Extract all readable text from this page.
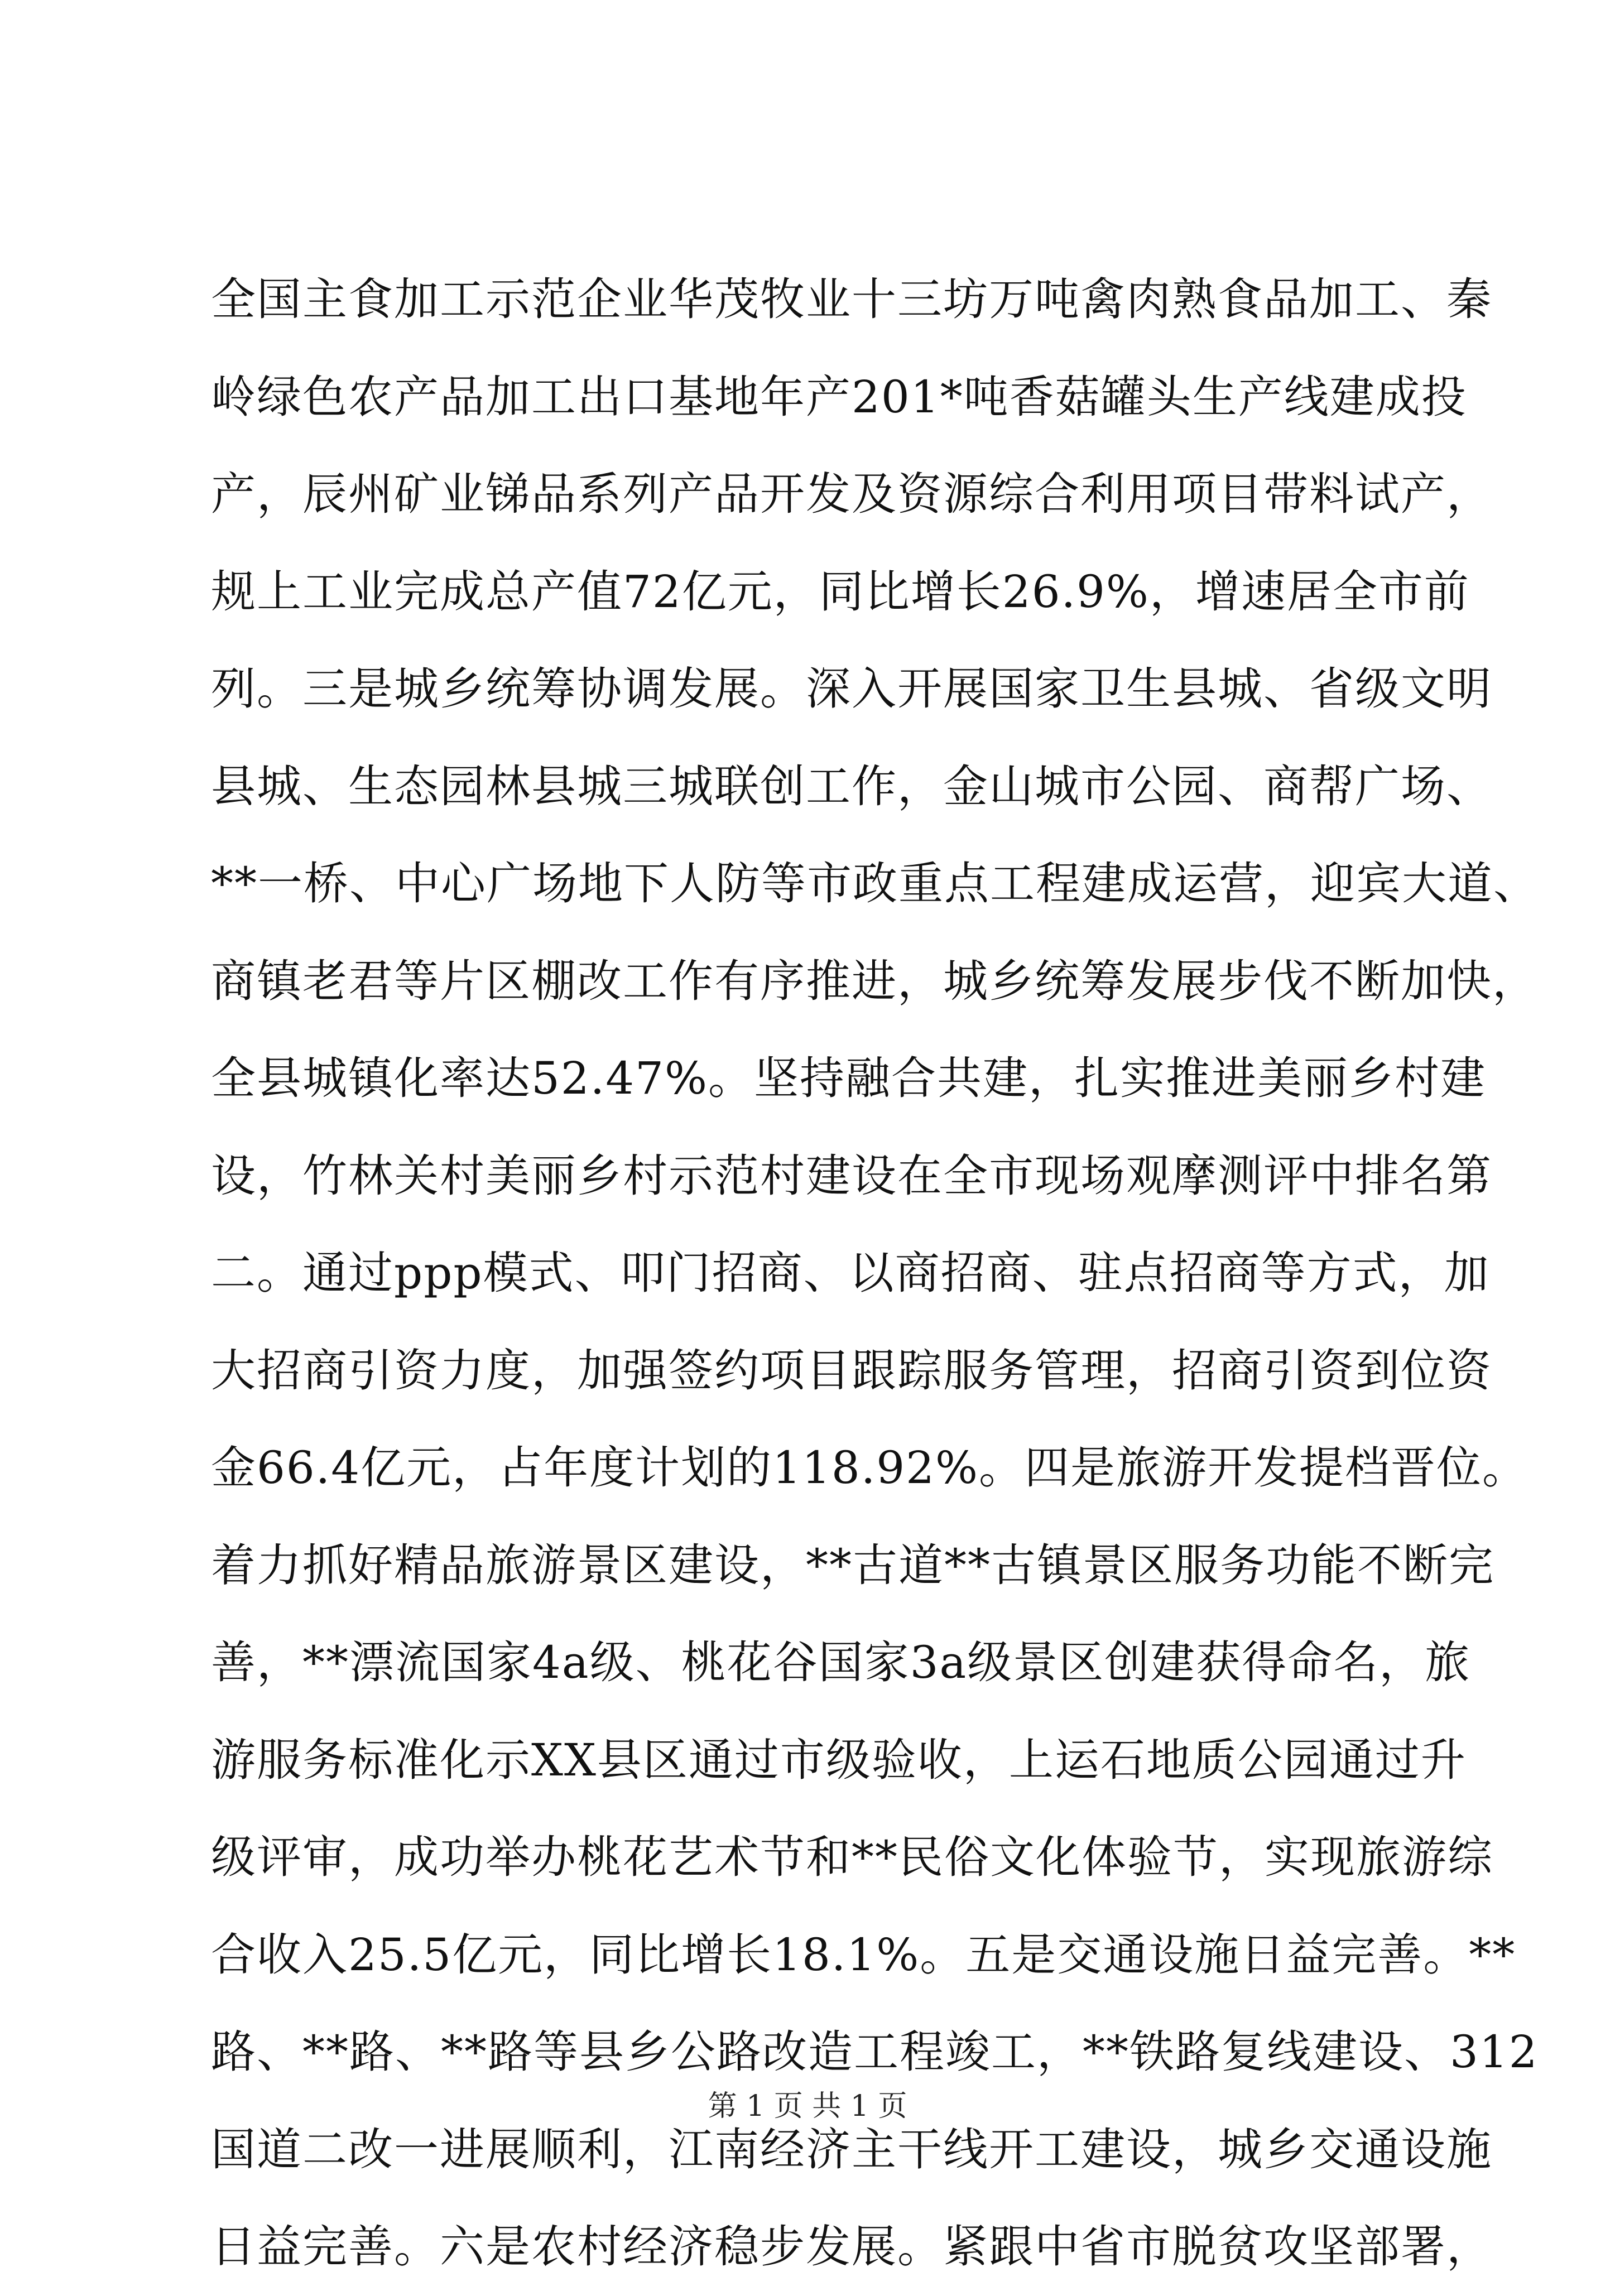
全国主食加工示范企业华茂牧业十三坊万吨禽肉熟食品加工、秦
岭绿色农产品加工出口基地年产201*吨香菇罐头生产线建成投
产，辰州矿业锑品系列产品开发及资源综合利用项目带料试产，
规上工业完成总产值72亿元，同比增长26.9%，增速居全市前
列。三是城乡统筹协调发展。深入开展国家卫生县城、省级文明
县城、生态园林县城三城联创工作，金山城市公园、商帮广场、
**一桥、中心广场地下人防等市政重点工程建成运营，迎宾大道、
商镇老君等片区棚改工作有序推进，城乡统筹发展步伐不断加快，
全县城镇化率达52.47%。坚持融合共建，扎实推进美丽乡村建
设，竹林关村美丽乡村示范村建设在全市现场观摩测评中排名第
二。通过ppp模式、叩门招商、以商招商、驻点招商等方式，加
大招商引资力度，加强签约项目跟踪服务管理，招商引资到位资
金66.4亿元，占年度计划的118.92%。四是旅游开发提档晋位。
着力抓好精品旅游景区建设，**古道**古镇景区服务功能不断完
善，**漂流国家4a级、桃花谷国家3a级景区创建获得命名，旅
游服务标准化示XX县区通过市级验收，上运石地质公园通过升
级评审，成功举办桃花艺术节和**民俗文化体验节，实现旅游综
合收入25.5亿元，同比增长18.1%。五是交通设施日益完善。**
路、**路、**路等县乡公路改造工程竣工，**铁路复线建设、312
国道二改一进展顺利，江南经济主干线开工建设，城乡交通设施
日益完善。六是农村经济稳步发展。紧跟中省市脱贫攻坚部署，
第 1 页 共 1 页
